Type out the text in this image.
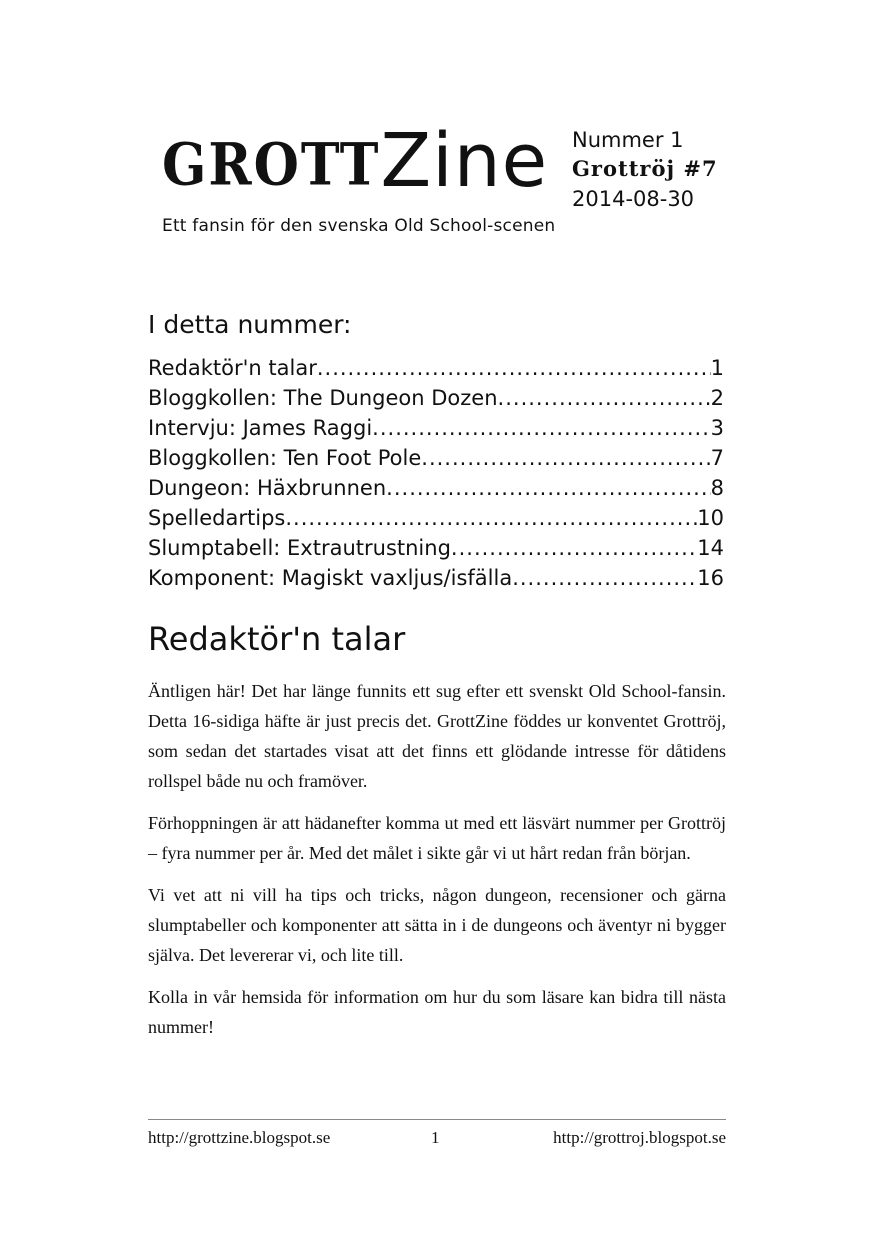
GROTTZine
Ett fansin för den svenska Old School-scenen
Nummer 1
Grottröj #7
2014-08-30
I detta nummer:
Redaktör'n talar .....	1
Bloggkollen: The Dungeon Dozen .....	2
Intervju: James Raggi .....	3
Bloggkollen: Ten Foot Pole .....	7
Dungeon: Häxbrunnen .....	8
Spelledartips .....	10
Slumptabell: Extrautrustning .....	14
Komponent: Magiskt vaxljus/isfälla .....	16
Redaktör'n talar

Äntligen här! Det har länge funnits ett sug efter ett svenskt Old School-fansin. Detta 16-sidiga häfte är just precis det. GrottZine föddes ur konventet Grottröj, som sedan det startades visat att det finns ett glödande intresse för dåtidens rollspel både nu och framöver.

Förhoppningen är att hädanefter komma ut med ett läsvärt nummer per Grottröj – fyra nummer per år. Med det målet i sikte går vi ut hårt redan från början.

Vi vet att ni vill ha tips och tricks, någon dungeon, recensioner och gärna slumptabeller och komponenter att sätta in i de dungeons och äventyr ni bygger själva. Det levererar vi, och lite till.

Kolla in vår hemsida för information om hur du som läsare kan bidra till nästa nummer!

http://grottzine.blogspot.se	1	http://grottroj.blogspot.se
